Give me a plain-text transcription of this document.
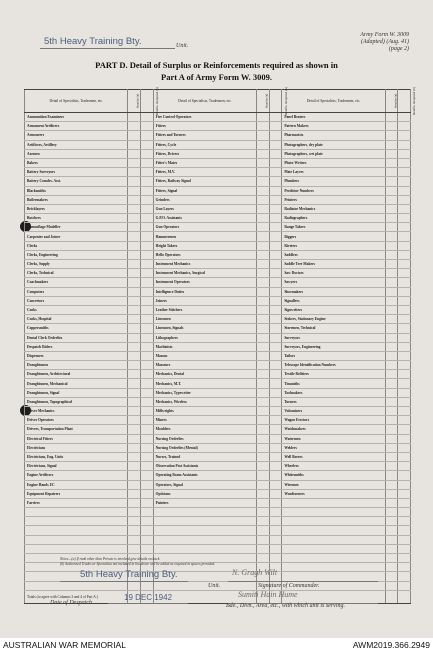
5th Heavy Training Bty.	Unit.
Army Form W. 3009
(Adapted) (Aug. 41)
(page 2)
PART D. Detail of Surplus or Reinforcements required as shown in
Part A of Army Form W. 3009.
Detail of Specialists, Tradesmen, etc.	Surplus (a)	Reinfts. Required (b)	Detail of Specialists, Tradesmen, etc.	Surplus (a)	Reinfts. Required (b)	Detail of Specialists, Tradesmen, etc.	Surplus (a)	Reinfts. Required (b)
Ammunition Examiners			Fire Control Operators			Panel Beaters		
Armament Artificers			Fitters			Pattern Makers		
Armourers			Fitters and Turners			Pharmacists		
Artificers, Artillery			Fitters, Cycle			Photographers, dry plate		
Axemen			Fitters, Drivers			Photographers, wet plate		
Bakers			Fitter's Mates			Photo-Writers		
Battery Surveyors			Fitters, M.V.			Plate Layers		
Battery Comdrs. Asst.			Fitters, Railway Signal			Plumbers		
Blacksmiths			Fitters, Signal			Predictor Numbers		
Boilermakers			Grinders			Printers		
Bricklayers			Gun Layers			Radiator Mechanics		
Butchers			G.P.O. Assistants			Radiographers		
Camouflage Modeller			Gun Operators			Range Takers		
Carpenter and Joiner			Hammermen			Riggers		
Clerks			Height Takers			Riveters		
Clerks, Engineering			Hello Operators			Saddlers		
Clerks, Supply			Instrument Mechanics			Saddle Tree Makers		
Clerks, Technical			Instrument Mechanics, Surgical			Saw Doctors		
Coachmakers			Instrument Operators			Sawyers		
Computers			Intelligence Duties			Shoemakers		
Concretors			Joiners			Signallers		
Cooks			Leather Stitchers			Signwriters		
Cooks, Hospital			Linesmen			Stokers, Stationary Engine		
Coppersmiths			Linesmen, Signals			Storemen, Technical		
Dental Clerk Orderlies			Lithographers			Surveyors		
Despatch Riders			Machinists			Surveyors, Engineering		
Dispensers			Masons			Tailors		
Draughtsmen			Masseurs			Telescope Identification Numbers		
Draughtsmen, Architectural			Mechanics, Dental			Textile Refitters		
Draughtsmen, Mechanical			Mechanics, M.T.			Tinsmiths		
Draughtsmen, Signal			Mechanics, Typewriter			Toolmakers		
Draughtsmen, Topographical			Mechanics, Wireless			Turners		
Driver Mechanics			Millwrights			Vulcanizers		
Driver Operators			Miners			Wagon Erectors		
Drivers, Transportation Plant			Moulders			Watchmakers		
Electrical Fitters			Nursing Orderlies			Watermen		
Electricians			Nursing Orderlies (Mental)			Welders		
Electricians, Eng. Units			Nurses, Trained			Well Borers		
Electricians, Signal			Observation Post Assistants			Wheelers		
Engine Artificers			Operating Room Assistants			Whitesmiths		
Engine Hands I/C			Operators, Signal			Wiremen		
Equipment Repairers			Opticians			Woodturners		
Farriers			Painters					

Totals (to agree with Columns 3 and 4 of Part A.)								
Notes—(a) If rank other than Private is involved give details on back.
(b) Authorised Trades or Specialists not included in list above will be added as required in spaces provided.
5th Heavy Training Bty.
Unit.
N. Gragh Wilt
Signature of Commander.
19 DEC 1942
Date of Despatch
Sumiti Hain Hume
Bde., Divn., Area, etc., with which unit is serving.
AUSTRALIAN WAR MEMORIAL	AWM2019.366.2949
